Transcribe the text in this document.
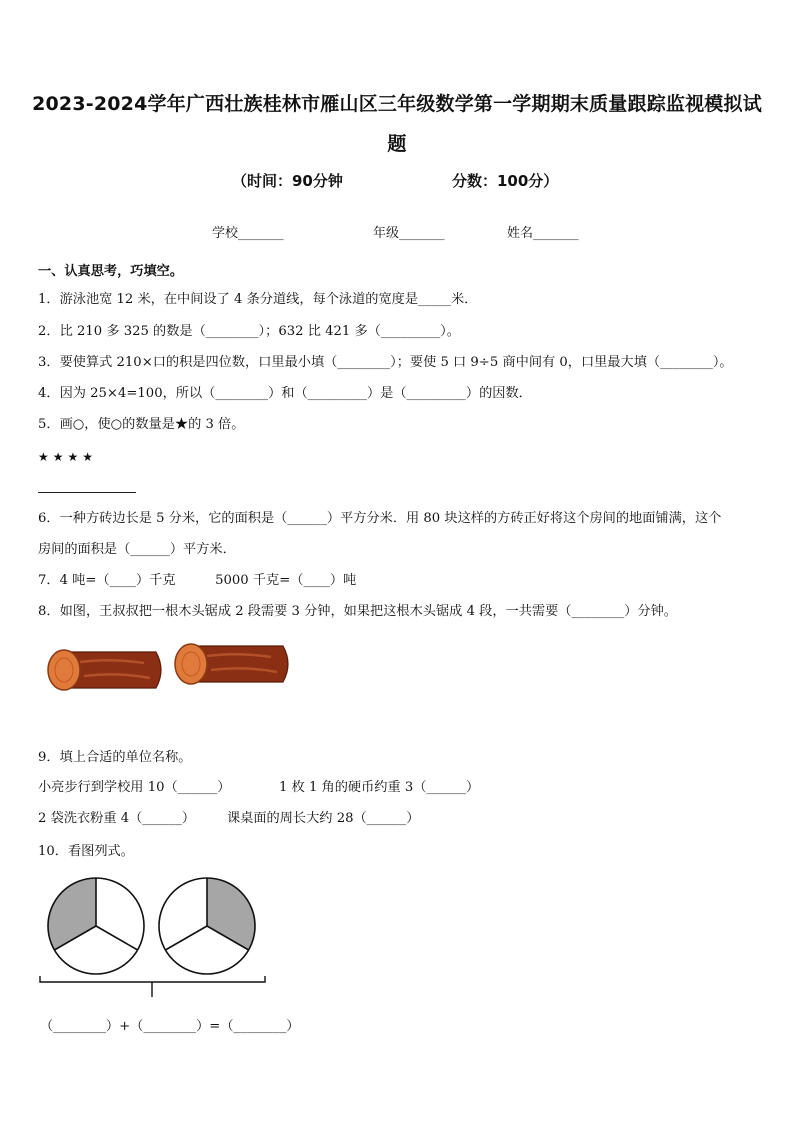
2023-2024学年广西壮族桂林市雁山区三年级数学第一学期期末质量跟踪监视模拟试
题
（时间：90分钟	分数：100分）
学校_______	年级_______	姓名_______
一、认真思考，巧填空。
1．游泳池宽 12 米，在中间设了 4 条分道线，每个泳道的宽度是_____米．
2．比 210 多 325 的数是（________）；632 比 421 多（_________）。
3．要使算式 210×口的积是四位数，口里最小填（________）；要使 5 口 9÷5 商中间有 0，口里最大填（________）。
4．因为 25×4=100，所以（________）和（_________）是（_________）的因数．
5．画○，使○的数量是★的 3 倍。
★★★★
6．一种方砖边长是 5 分米，它的面积是（______）平方分米．用 80 块这样的方砖正好将这个房间的地面铺满，这个
房间的面积是（______）平方米．
7．4 吨=（____）千克　　　5000 千克=（____）吨
8．如图，王叔叔把一根木头锯成 2 段需要 3 分钟，如果把这根木头锯成 4 段，一共需要（________）分钟。
9．填上合适的单位名称。
小亮步行到学校用 10（______）	1 枚 1 角的硬币约重 3（______）
2 袋洗衣粉重 4（______） 课桌面的周长大约 28（______）
10．看图列式。
（________）+（________）=（________）
